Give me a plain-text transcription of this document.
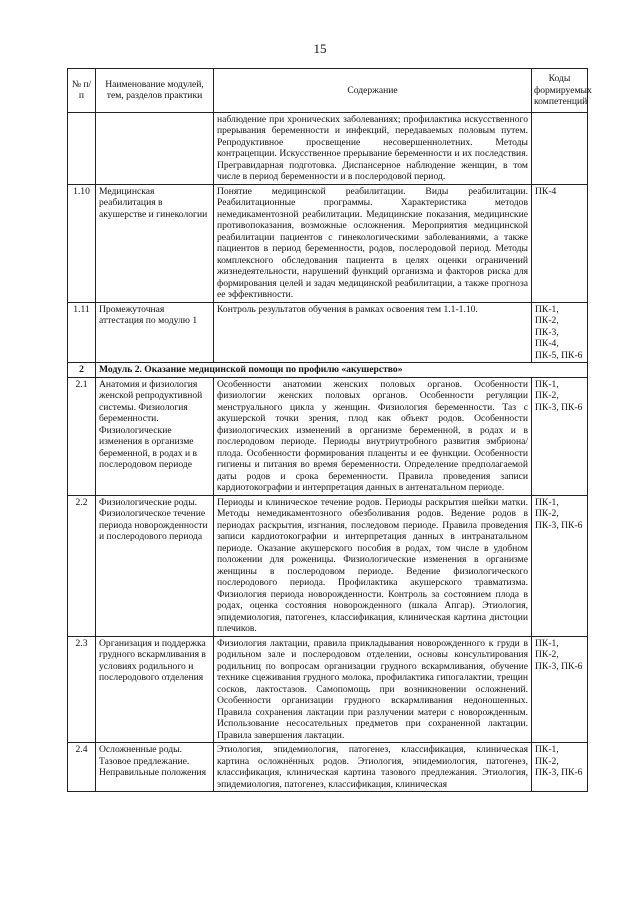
15
№ п/п	Наименование модулей, тем, разделов практики	Содержание	Коды формируемых компетенций
		наблюдение при хронических заболеваниях; профилактика искусственного прерывания беременности и инфекций, передаваемых половым путем. Репродуктивное просвещение несовершеннолетних. Методы контрацепции. Искусственное прерывание беременности и их последствия. Прегравидарная подготовка. Диспансерное наблюдение женщин, в том числе в период беременности и в послеродовой период.	
1.10	Медицинская реабилитация в акушерстве и гинекологии	Понятие медицинской реабилитации. Виды реабилитации. Реабилитационные программы. Характеристика методов немедикаментозной реабилитации. Медицинские показания, медицинские противопоказания, возможные осложнения. Мероприятия медицинской реабилитации пациентов с гинекологическими заболеваниями, а также пациентов в период беременности, родов, послеродовой период. Методы комплексного обследования пациента в целях оценки ограничений жизнедеятельности, нарушений функций организма и факторов риска для формирования целей и задач медицинской реабилитации, а также прогноза ее эффективности.	ПК-4
1.11	Промежуточная аттестация по модулю 1	Контроль результатов обучения в рамках освоения тем 1.1-1.10.	ПК-1, ПК-2, ПК-3, ПК-4, ПК-5, ПК-6
2	Модуль 2. Оказание медицинской помощи по профилю «акушерство»		
2.1	Анатомия и физиология женской репродуктивной системы. Физиология беременности. Физиологические изменения в организме беременной, в родах и в послеродовом периоде	Особенности анатомии женских половых органов. Особенности физиологии женских половых органов. Особенности регуляции менструального цикла у женщин. Физиология беременности. Таз с акушерской точки зрения, плод как объект родов. Особенности физиологических изменений в организме беременной, в родах и в послеродовом периоде. Периоды внутриутробного развития эмбриона/плода. Особенности формирования плаценты и ее функции. Особенности гигиены и питания во время беременности. Определение предполагаемой даты родов и срока беременности. Правила проведения записи кардиотокографии и интерпретация данных в антенатальном периоде.	ПК-1, ПК-2, ПК-3, ПК-6
2.2	Физиологические роды. Физиологическое течение периода новорожденности и послеродового периода	Периоды и клиническое течение родов. Периоды раскрытия шейки матки. Методы немедикаментозного обезболивания родов. Ведение родов в периодах раскрытия, изгнания, последовом периоде. Правила проведения записи кардиотокографии и интерпретация данных в интранатальном периоде. Оказание акушерского пособия в родах, том числе в удобном положении для роженицы. Физиологические изменения в организме женщины в послеродовом периоде. Ведение физиологического послеродового периода. Профилактика акушерского травматизма. Физиология периода новорожденности. Контроль за состоянием плода в родах, оценка состояния новорожденного (шкала Апгар). Этиология, эпидемиология, патогенез, классификация, клиническая картина дистоции плечиков.	ПК-1, ПК-2, ПК-3, ПК-6
2.3	Организация и поддержка грудного вскармливания в условиях родильного и послеродового отделения	Физиология лактации, правила прикладывания новорожденного к груди в родильном зале и послеродовом отделении, основы консультирования родильниц по вопросам организации грудного вскармливания, обучение технике сцеживания грудного молока, профилактика гипогалактии, трещин сосков, лактостазов. Самопомощь при возникновении осложнений. Особенности организации грудного вскармливания недоношенных. Правила сохранения лактации при разлучении матери с новорожденным. Использование несосательных предметов при сохраненной лактации. Правила завершения лактации.	ПК-1, ПК-2, ПК-3, ПК-6
2.4	Осложненные роды. Тазовое предлежание. Неправильные положения	Этиология, эпидемиология, патогенез, классификация, клиническая картина осложнённых родов. Этиология, эпидемиология, патогенез, классификация, клиническая картина тазового предлежания. Этиология, эпидемиология, патогенез, классификация, клиническая	ПК-1, ПК-2, ПК-3, ПК-6
